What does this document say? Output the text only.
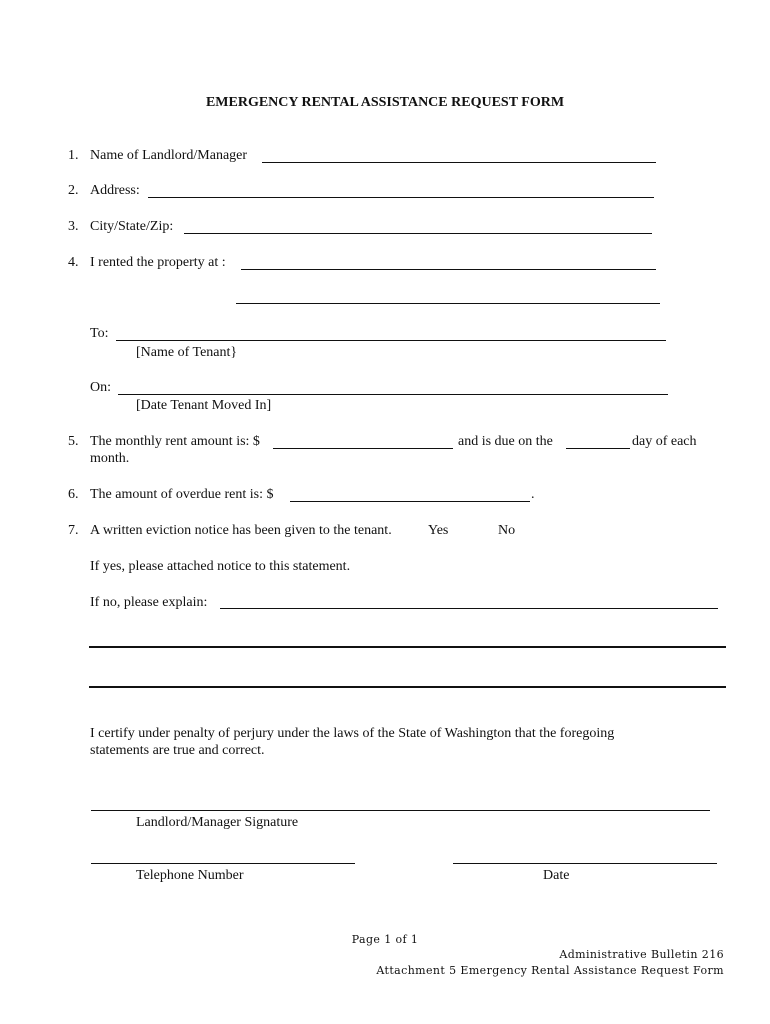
EMERGENCY RENTAL ASSISTANCE REQUEST FORM
1. Name of Landlord/Manager
2. Address:
3. City/State/Zip:
4. I rented the property at :
To:
[Name of Tenant}
On:
[Date Tenant Moved In]
5. The monthly rent amount is: $	and is due on the	day of each
month.
6. The amount of overdue rent is: $	.
7. A written eviction notice has been given to the tenant.	Yes	No
If yes, please attached notice to this statement.
If no, please explain:
I certify under penalty of perjury under the laws of the State of Washington that the foregoing
statements are true and correct.
Landlord/Manager Signature
Telephone Number	Date
Page 1 of 1
Administrative Bulletin 216
Attachment 5 Emergency Rental Assistance Request Form
